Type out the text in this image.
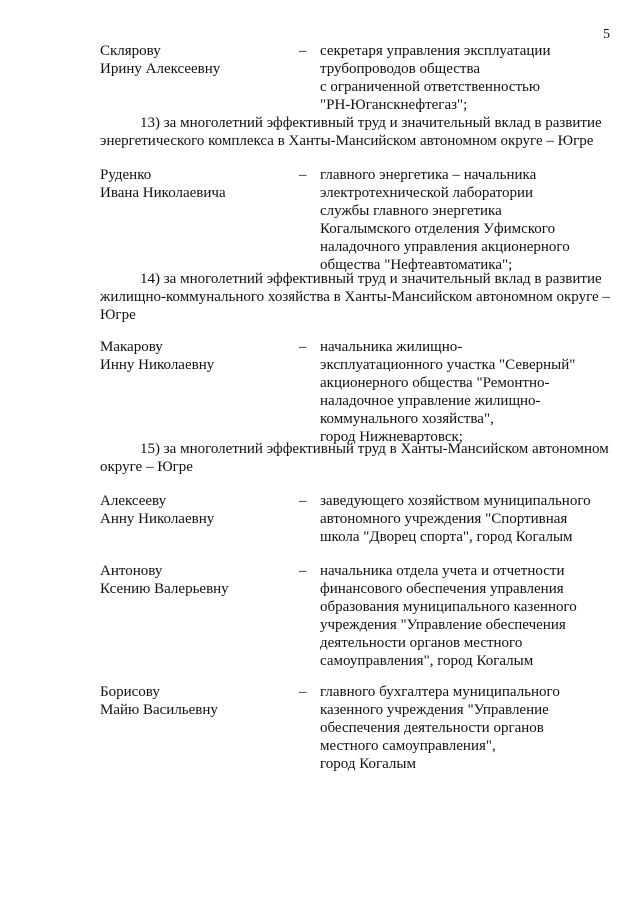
5
Склярову
Ирину Алексеевну
– секретаря управления эксплуатации
трубопроводов общества
с ограниченной ответственностью
"РН-Юганскнефтегаз";
13) за многолетний эффективный труд и значительный вклад в развитие
энергетического комплекса в Ханты-Мансийском автономном округе – Югре
Руденко
Ивана Николаевича
– главного энергетика – начальника
электротехнической лаборатории
службы главного энергетика
Когалымского отделения Уфимского
наладочного управления акционерного
общества "Нефтеавтоматика";
14) за многолетний эффективный труд и значительный вклад в развитие
жилищно-коммунального хозяйства в Ханты-Мансийском автономном округе –
Югре
Макарову
Инну Николаевну
– начальника жилищно-
эксплуатационного участка "Северный"
акционерного общества "Ремонтно-
наладочное управление жилищно-
коммунального хозяйства",
город Нижневартовск;
15) за многолетний эффективный труд в Ханты-Мансийском автономном
округе – Югре
Алексееву
Анну Николаевну
– заведующего хозяйством муниципального
автономного учреждения "Спортивная
школа "Дворец спорта", город Когалым
Антонову
Ксению Валерьевну
– начальника отдела учета и отчетности
финансового обеспечения управления
образования муниципального казенного
учреждения "Управление обеспечения
деятельности органов местного
самоуправления", город Когалым
Борисову
Майю Васильевну
– главного бухгалтера муниципального
казенного учреждения "Управление
обеспечения деятельности органов
местного самоуправления",
город Когалым
